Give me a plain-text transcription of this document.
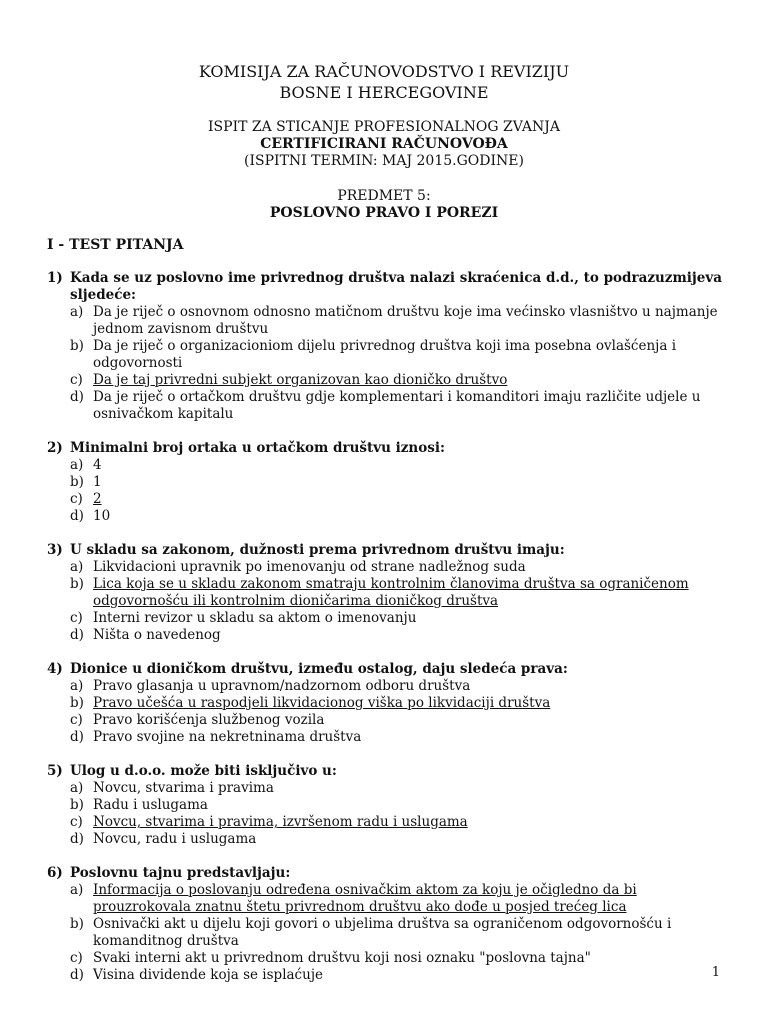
KOMISIJA ZA RAČUNOVODSTVO I REVIZIJU
BOSNE I HERCEGOVINE
ISPIT ZA STICANJE PROFESIONALNOG ZVANJA
CERTIFICIRANI RAČUNOVOĐA
(ISPITNI TERMIN: MAJ 2015.GODINE)
PREDMET 5:
POSLOVNO PRAVO I POREZI
I - TEST PITANJA
1) Kada se uz poslovno ime privrednog društva nalazi skraćenica d.d., to podrazuzmijeva sljedeće:
a) Da je riječ o osnovnom odnosno matičnom društvu koje ima većinsko vlasništvo u najmanje jednom zavisnom društvu
b) Da je riječ o organizacioniom dijelu privrednog društva koji ima posebna ovlašćenja i odgovornosti
c) Da je taj privredni subjekt organizovan kao dioničko društvo
d) Da je riječ o ortačkom društvu gdje komplementari i komanditori imaju različite udjele u osnivačkom kapitalu
2) Minimalni broj ortaka u ortačkom društvu iznosi:
a) 4
b) 1
c) 2
d) 10
3) U skladu sa zakonom, dužnosti prema privrednom društvu imaju:
a) Likvidacioni upravnik po imenovanju od strane nadležnog suda
b) Lica koja se u skladu zakonom smatraju kontrolnim članovima društva sa ograničenom odgovornošću ili kontrolnim dioničarima dioničkog društva
c) Interni revizor u skladu sa aktom o imenovanju
d) Ništa o navedenog
4) Dionice u dioničkom društvu, između ostalog, daju sledeća prava:
a) Pravo glasanja u upravnom/nadzornom odboru društva
b) Pravo učešća u raspodjeli likvidacionog viška po likvidaciji društva
c) Pravo korišćenja službenog vozila
d) Pravo svojine na nekretninama društva
5) Ulog u d.o.o. može biti isključivo u:
a) Novcu, stvarima i pravima
b) Radu i uslugama
c) Novcu, stvarima i pravima, izvršenom radu i uslugama
d) Novcu, radu i uslugama
6) Poslovnu tajnu predstavljaju:
a) Informacija o poslovanju određena osnivačkim aktom za koju je očigledno da bi prouzrokovala znatnu štetu privrednom društvu ako dođe u posjed trećeg lica
b) Osnivački akt u dijelu koji govori o ubjelima društva sa ograničenom odgovornošću i komanditnog društva
c) Svaki interni akt u privrednom društvu koji nosi oznaku "poslovna tajna"
d) Visina dividende koja se isplaćuje	1
